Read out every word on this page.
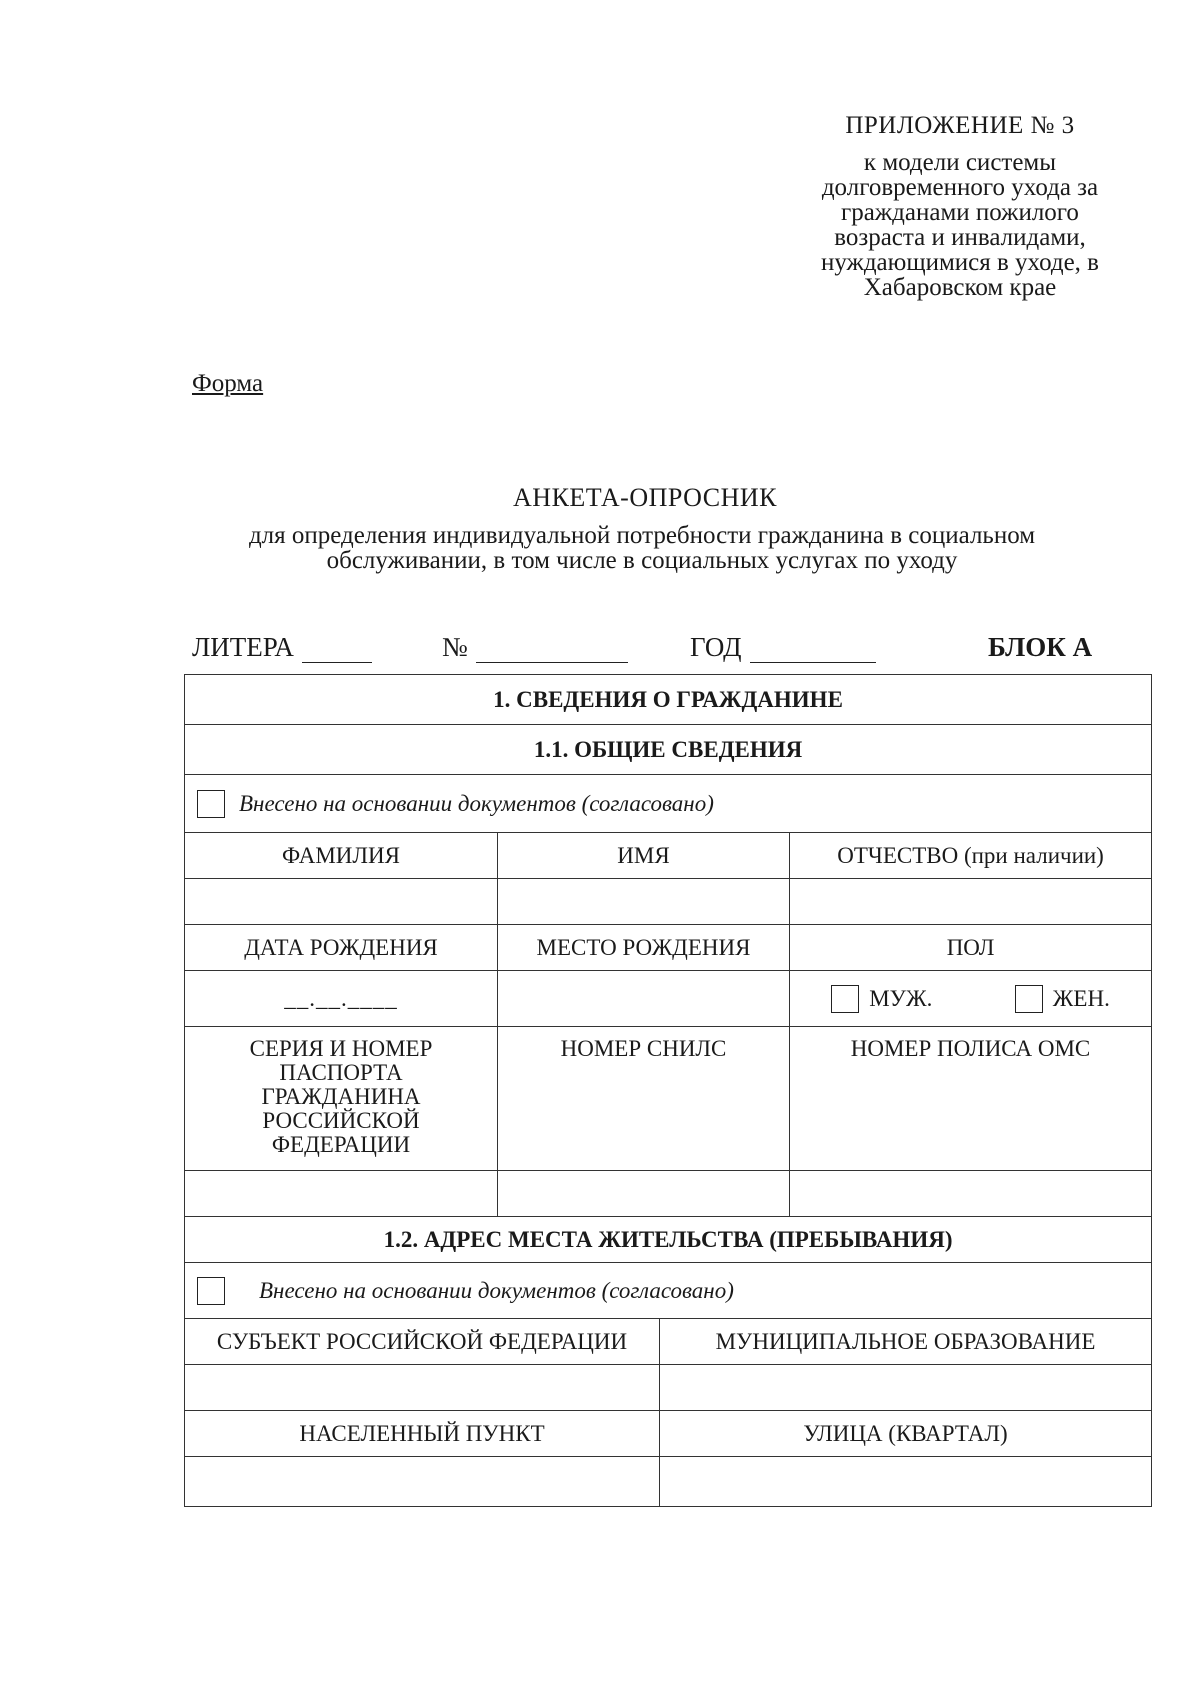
ПРИЛОЖЕНИЕ № 3
к модели системы
долговременного ухода за
гражданами пожилого
возраста и инвалидами,
нуждающимися в уходе, в
Хабаровском крае
Форма
АНКЕТА-ОПРОСНИК
для определения индивидуальной потребности гражданина в социальном
обслуживании, в том числе в социальных услугах по уходу
ЛИТЕРА	№	ГОД	БЛОК А
1. СВЕДЕНИЯ О ГРАЖДАНИНЕ			
1.1. ОБЩИЕ СВЕДЕНИЯ			

Внесено на основании документов (согласовано)			

ФАМИЛИЯ	ИМЯ		ОТЧЕСТВО (при наличии)

ДАТА РОЖДЕНИЯ	МЕСТО РОЖДЕНИЯ		ПОЛ
__.__.____			МУЖ. ЖЕН.

СЕРИЯ И НОМЕР
ПАСПОРТА
ГРАЖДАНИНА
РОССИЙСКОЙ
ФЕДЕРАЦИИ	НОМЕР СНИЛС		НОМЕР ПОЛИСА ОМС

1.2. АДРЕС МЕСТА ЖИТЕЛЬСТВА (ПРЕБЫВАНИЯ)			

Внесено на основании документов (согласовано)			

СУБЪЕКТ РОССИЙСКОЙ ФЕДЕРАЦИИ		МУНИЦИПАЛЬНОЕ ОБРАЗОВАНИЕ	

НАСЕЛЕННЫЙ ПУНКТ		УЛИЦА (КВАРТАЛ)	
